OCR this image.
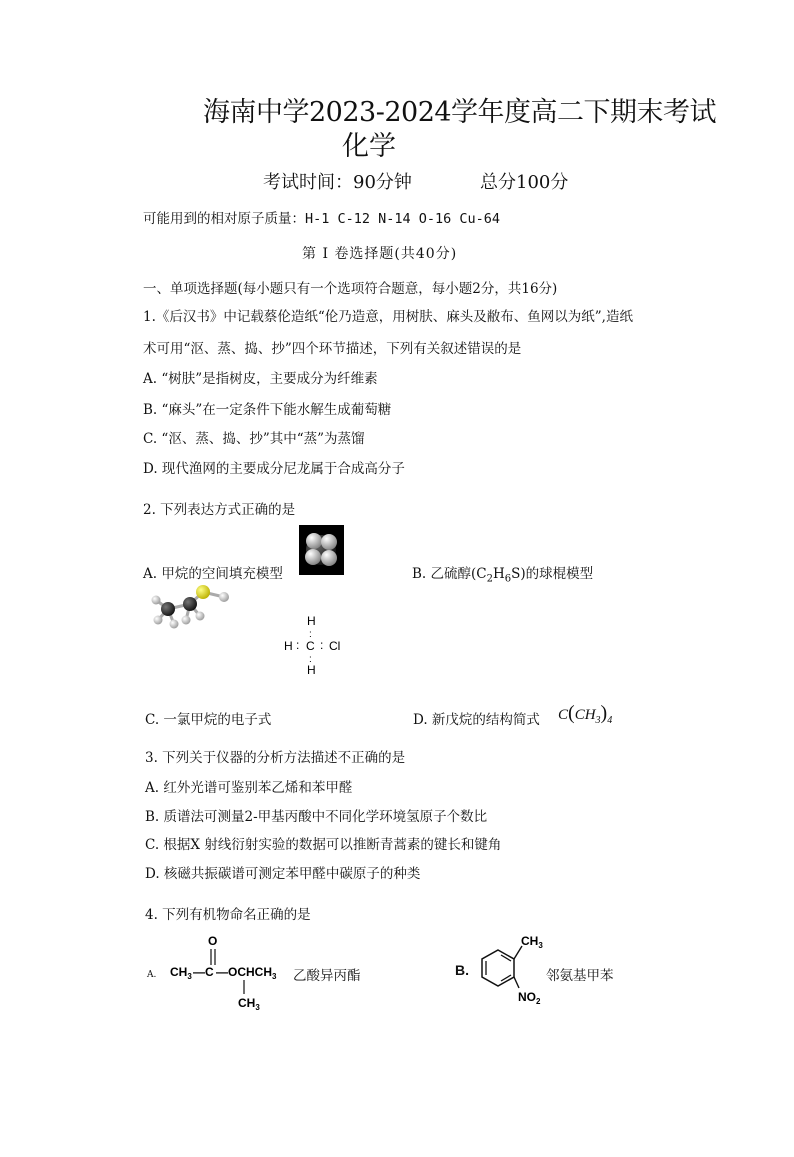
海南中学2023-2024学年度高二下期末考试
化学
考试时间：90分钟	总分100分
可能用到的相对原子质量：H-1 C-12 N-14 O-16 Cu-64
第 I 卷选择题(共40分)
一、单项选择题(每小题只有一个选项符合题意，每小题2分，共16分)
1.《后汉书》中记载蔡伦造纸“伦乃造意，用树肤、麻头及敝布、鱼网以为纸”,造纸
术可用“沤、蒸、捣、抄”四个环节描述，下列有关叙述错误的是
A. “树肤”是指树皮，主要成分为纤维素
B. “麻头”在一定条件下能水解生成葡萄糖
C. “沤、蒸、捣、抄”其中“蒸”为蒸馏
D. 现代渔网的主要成分尼龙属于合成高分子
2. 下列表达方式正确的是
A. 甲烷的空间填充模型	B. 乙硫醇$(C_2H_6S)$的球棍模型
H
:
H : C : Cl
:
H
C. 一氯甲烷的电子式	D. 新戊烷的结构简式 $C(CH_3)_4$
3. 下列关于仪器的分析方法描述不正确的是
A. 红外光谱可鉴别苯乙烯和苯甲醛
B. 质谱法可测量2-甲基丙酸中不同化学环境氢原子个数比
C. 根据X 射线衍射实验的数据可以推断青蒿素的键长和键角
D. 核磁共振碳谱可测定苯甲醛中碳原子的种类
4. 下列有机物命名正确的是
A.
O
$CH_3$ —C $—OCHCH_3$
$CH_3$
乙酸异丙酯	B.
$CH_3$
$NO_2$
邻氨基甲苯
